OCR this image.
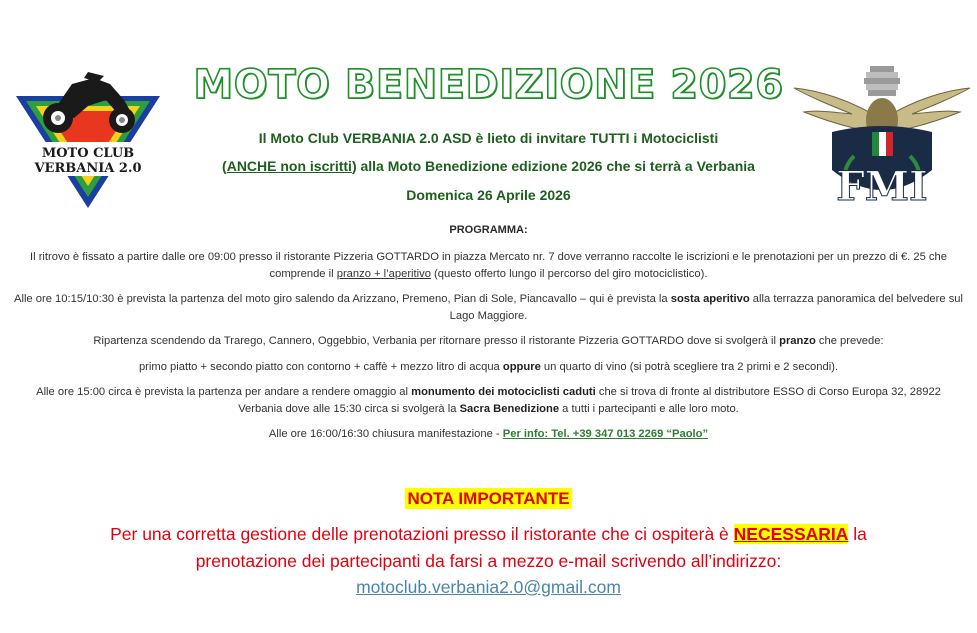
MOTO CLUB
VERBANIA 2.0	FMI
MOTO BENEDIZIONE 2026
Il Moto Club VERBANIA 2.0 ASD è lieto di invitare TUTTI i Motociclisti
(ANCHE non iscritti) alla Moto Benedizione edizione 2026 che si terrà a Verbania
Domenica 26 Aprile 2026
PROGRAMMA:
Il ritrovo è fissato a partire dalle ore 09:00 presso il ristorante Pizzeria GOTTARDO in piazza Mercato nr. 7 dove verranno raccolte le iscrizioni e le prenotazioni per un prezzo di €. 25 che comprende il pranzo + l’aperitivo (questo offerto lungo il percorso del giro motociclistico).
Alle ore 10:15/10:30 è prevista la partenza del moto giro salendo da Arizzano, Premeno, Pian di Sole, Piancavallo – qui è prevista la sosta aperitivo alla terrazza panoramica del belvedere sul Lago Maggiore.
Ripartenza scendendo da Trarego, Cannero, Oggebbio, Verbania per ritornare presso il ristorante Pizzeria GOTTARDO dove si svolgerà il pranzo che prevede:
primo piatto + secondo piatto con contorno + caffè + mezzo litro di acqua oppure un quarto di vino (si potrà scegliere tra 2 primi e 2 secondi).
Alle ore 15:00 circa è prevista la partenza per andare a rendere omaggio al monumento dei motociclisti caduti che si trova di fronte al distributore ESSO di Corso Europa 32, 28922 Verbania dove alle 15:30 circa si svolgerà la Sacra Benedizione a tutti i partecipanti e alle loro moto.
Alle ore 16:00/16:30 chiusura manifestazione - Per info: Tel. +39 347 013 2269 “Paolo”
NOTA IMPORTANTE
Per una corretta gestione delle prenotazioni presso il ristorante che ci ospiterà è NECESSARIA la
prenotazione dei partecipanti da farsi a mezzo e-mail scrivendo all’indirizzo:
motoclub.verbania2.0@gmail.com
